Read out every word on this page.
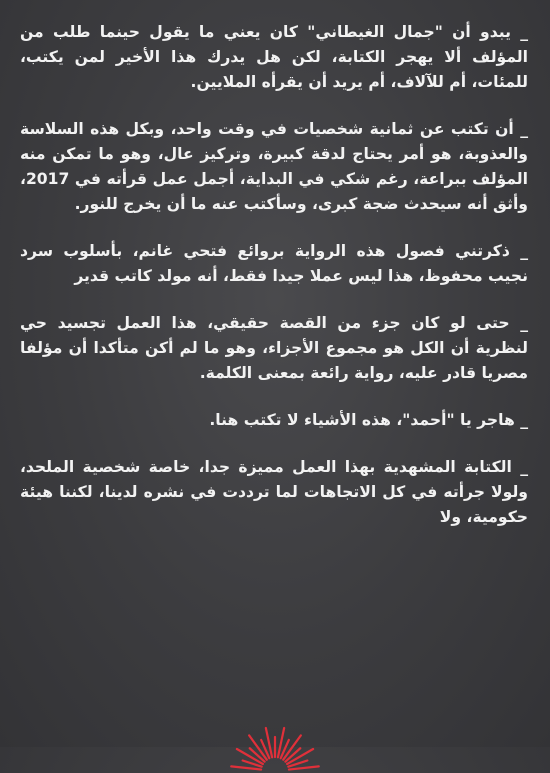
_ يبدو أن "جمال الغيطاني" كان يعني ما يقول حينما طلب من المؤلف ألا يهجر الكتابة، لكن هل يدرك هذا الأخير لمن يكتب، للمئات، أم للآلاف، أم يريد أن يقرأه الملايين.

_ أن تكتب عن ثمانية شخصيات في وقت واحد، وبكل هذه السلاسة والعذوبة، هو أمر يحتاج لدقة كبيرة، وتركيز عال، وهو ما تمكن منه المؤلف ببراعة، رغم شكي في البداية، أجمل عمل قرأته في 2017، وأثق أنه سيحدث ضجة كبرى، وسأكتب عنه ما أن يخرج للنور.

_ ذكرتني فصول هذه الرواية بروائع فتحي غانم، بأسلوب سرد نجيب محفوظ، هذا ليس عملا جيدا فقط، أنه مولد كاتب قدير

_ حتى لو كان جزء من القصة حقيقي، هذا العمل تجسيد حي لنظرية أن الكل هو مجموع الأجزاء، وهو ما لم أكن متأكدا أن مؤلفا مصريا قادر عليه، رواية رائعة بمعنى الكلمة.

_ هاجر يا "أحمد"، هذه الأشياء لا تكتب هنا.

_ الكتابة المشهدية بهذا العمل مميزة جدا، خاصة شخصية الملحد، ولولا جرأته في كل الاتجاهات لما ترددت في نشره لدينا، لكننا هيئة حكومية، ولا
